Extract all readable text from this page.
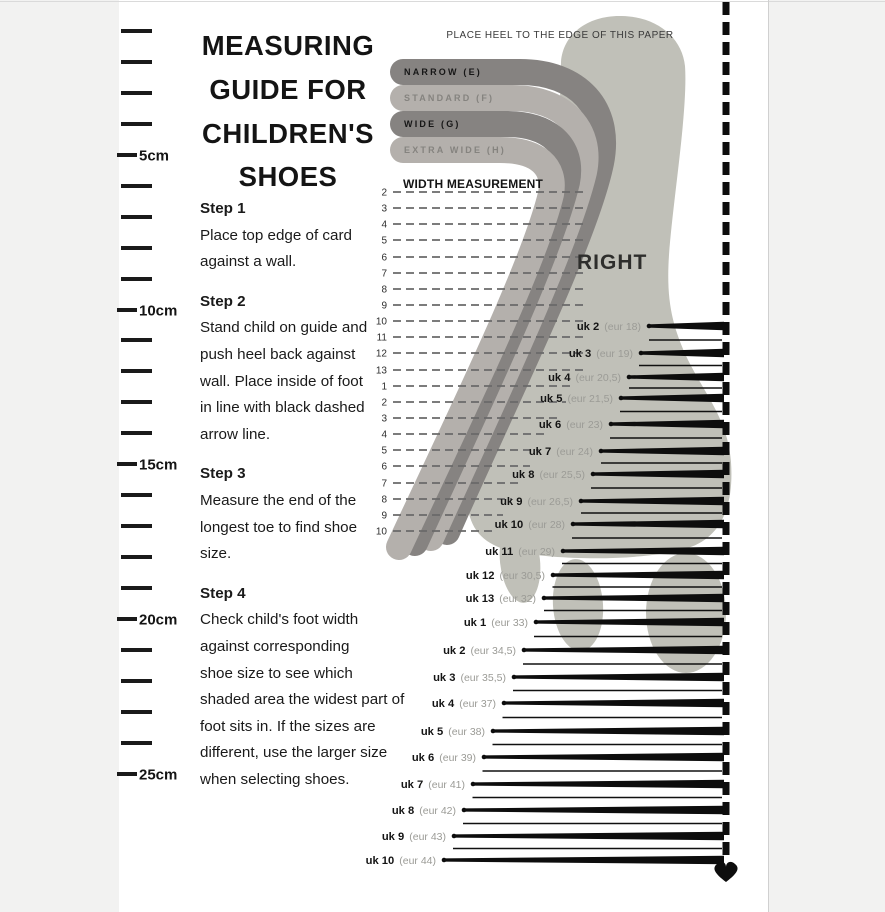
NARROW (E)
STANDARD (F)
WIDE (G)
EXTRA WIDE (H)
PLACE HEEL TO THE EDGE OF THIS PAPER
WIDTH MEASUREMENT
2
3
4
5
6
7
8
9
10
11
12
13
1
2
3
4
5
6
7
8
9
10
RIGHT
uk 2 (eur 18)
uk 3 (eur 19)
uk 4 (eur 20,5)
uk 5 (eur 21,5)
uk 6 (eur 23)
uk 7 (eur 24)
uk 8 (eur 25,5)
uk 9 (eur 26,5)
uk 10 (eur 28)
uk 11 (eur 29)
uk 12 (eur 30,5)
uk 13 (eur 32)
uk 1 (eur 33)
uk 2 (eur 34,5)
uk 3 (eur 35,5)
uk 4 (eur 37)
uk 5 (eur 38)
uk 6 (eur 39)
uk 7 (eur 41)
uk 8 (eur 42)
uk 9 (eur 43)
uk 10 (eur 44)
5cm
10cm
15cm
20cm
25cm
MEASURING
GUIDE FOR
CHILDREN'S
SHOES
Step 1
Place top edge of card
against a wall.
Step 2
Stand child on guide and
push heel back against
wall. Place inside of foot
in line with black dashed
arrow line.
Step 3
Measure the end of the
longest toe to find shoe
size.
Step 4
Check child's foot width
against corresponding
shoe size to see which
shaded area the widest part of
foot sits in. If the sizes are
different, use the larger size
when selecting shoes.
